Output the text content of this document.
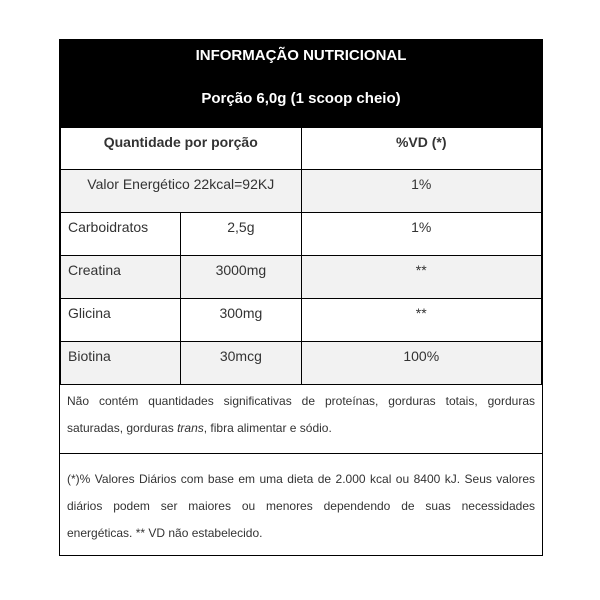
INFORMAÇÃO NUTRICIONAL
Porção 6,0g (1 scoop cheio)
Quantidade por porção		%VD (*)

Valor Energético 22kcal=92KJ		1%

Carboidratos	2,5g	1%

Creatina	3000mg	**

Glicina	300mg	**

Biotina	30mcg	100%
Não contém quantidades significativas de proteínas, gorduras totais, gorduras saturadas, gorduras trans, fibra alimentar e sódio.
(*)% Valores Diários com base em uma dieta de 2.000 kcal ou 8400 kJ. Seus valores diários podem ser maiores ou menores dependendo de suas necessidades energéticas. ** VD não estabelecido.
